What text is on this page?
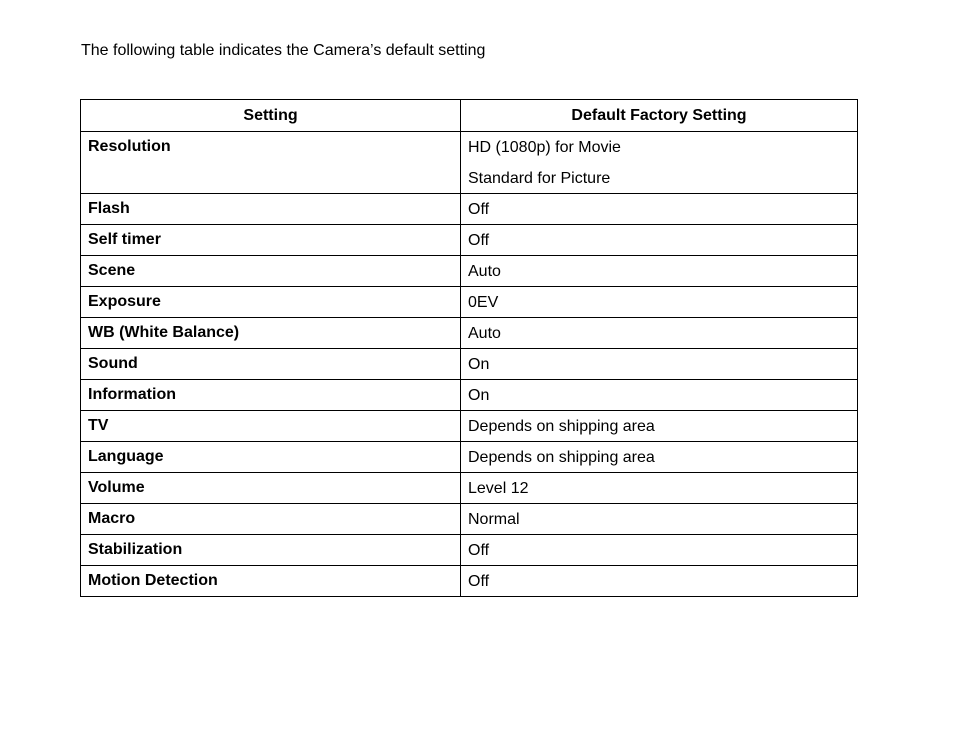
The following table indicates the Camera’s default setting

Setting	Default Factory Setting
Resolution	HD (1080p) for Movie
Standard for Picture

Flash	Off

Self timer	Off

Scene	Auto

Exposure	0EV

WB (White Balance)	Auto

Sound	On

Information	On

TV	Depends on shipping area

Language	Depends on shipping area

Volume	Level 12

Macro	Normal

Stabilization	Off

Motion Detection	Off
